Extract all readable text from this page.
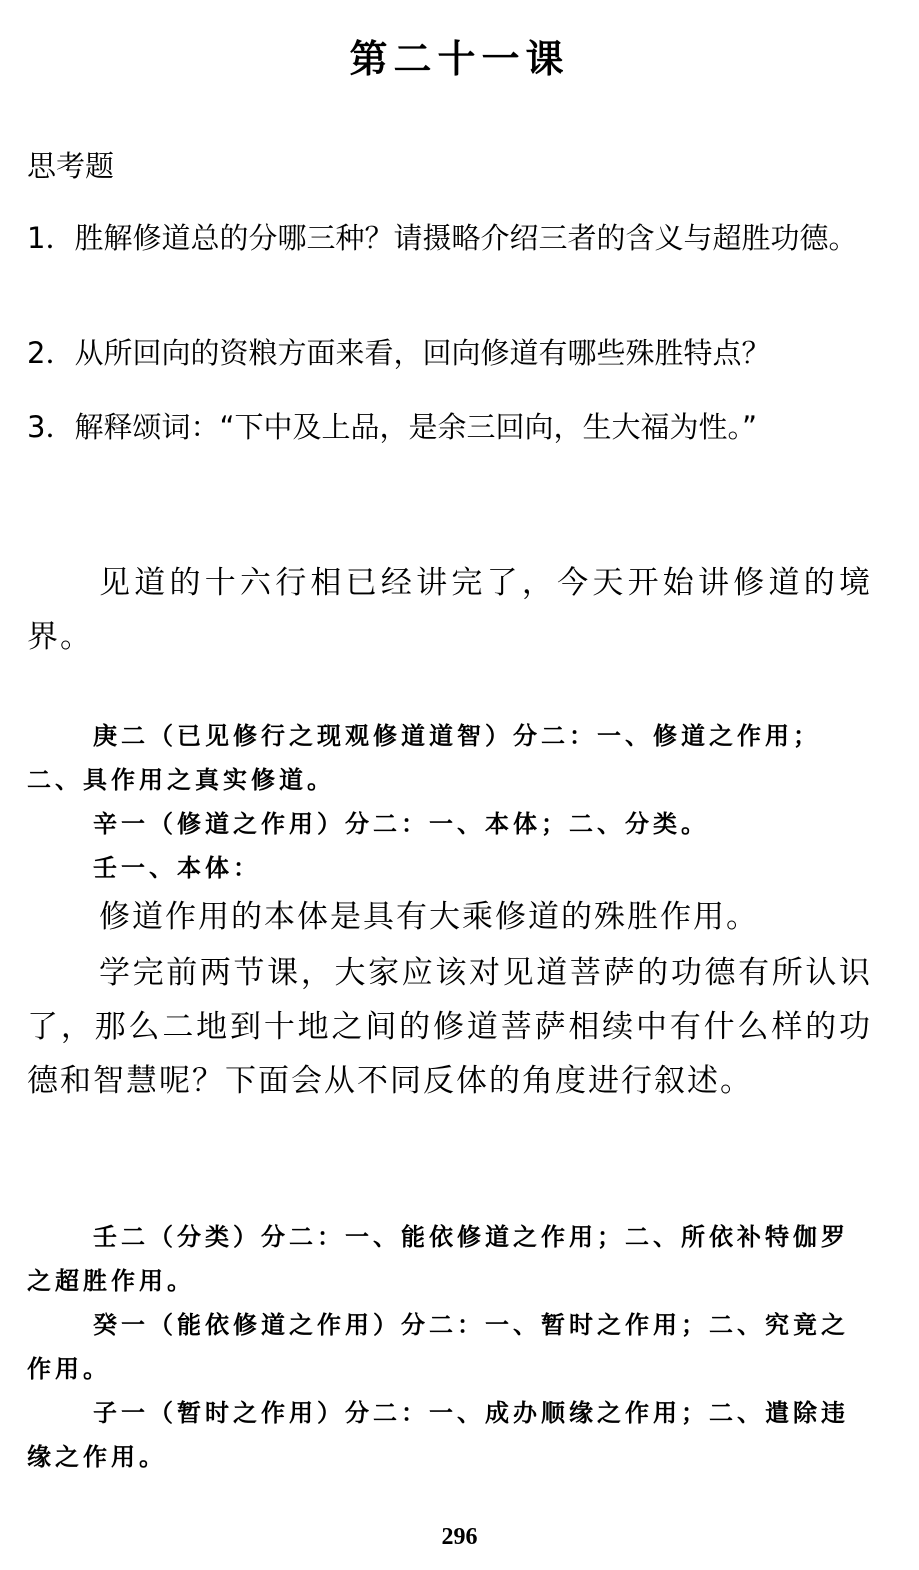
第二十一课
思考题
1．胜解修道总的分哪三种？请摄略介绍三者的含义与超胜功德。
2．从所回向的资粮方面来看，回向修道有哪些殊胜特点？
3．解释颂词：“下中及上品，是余三回向，生大福为性。”
见道的十六行相已经讲完了，今天开始讲修道的境界。
庚二（已见修行之现观修道道智）分二：一、修道之作用；二、具作用之真实修道。
辛一（修道之作用）分二：一、本体；二、分类。
壬一、本体：
修道作用的本体是具有大乘修道的殊胜作用。
学完前两节课，大家应该对见道菩萨的功德有所认识了，那么二地到十地之间的修道菩萨相续中有什么样的功德和智慧呢？下面会从不同反体的角度进行叙述。
壬二（分类）分二：一、能依修道之作用；二、所依补特伽罗之超胜作用。
癸一（能依修道之作用）分二：一、暂时之作用；二、究竟之作用。
子一（暂时之作用）分二：一、成办顺缘之作用；二、遣除违缘之作用。
296
